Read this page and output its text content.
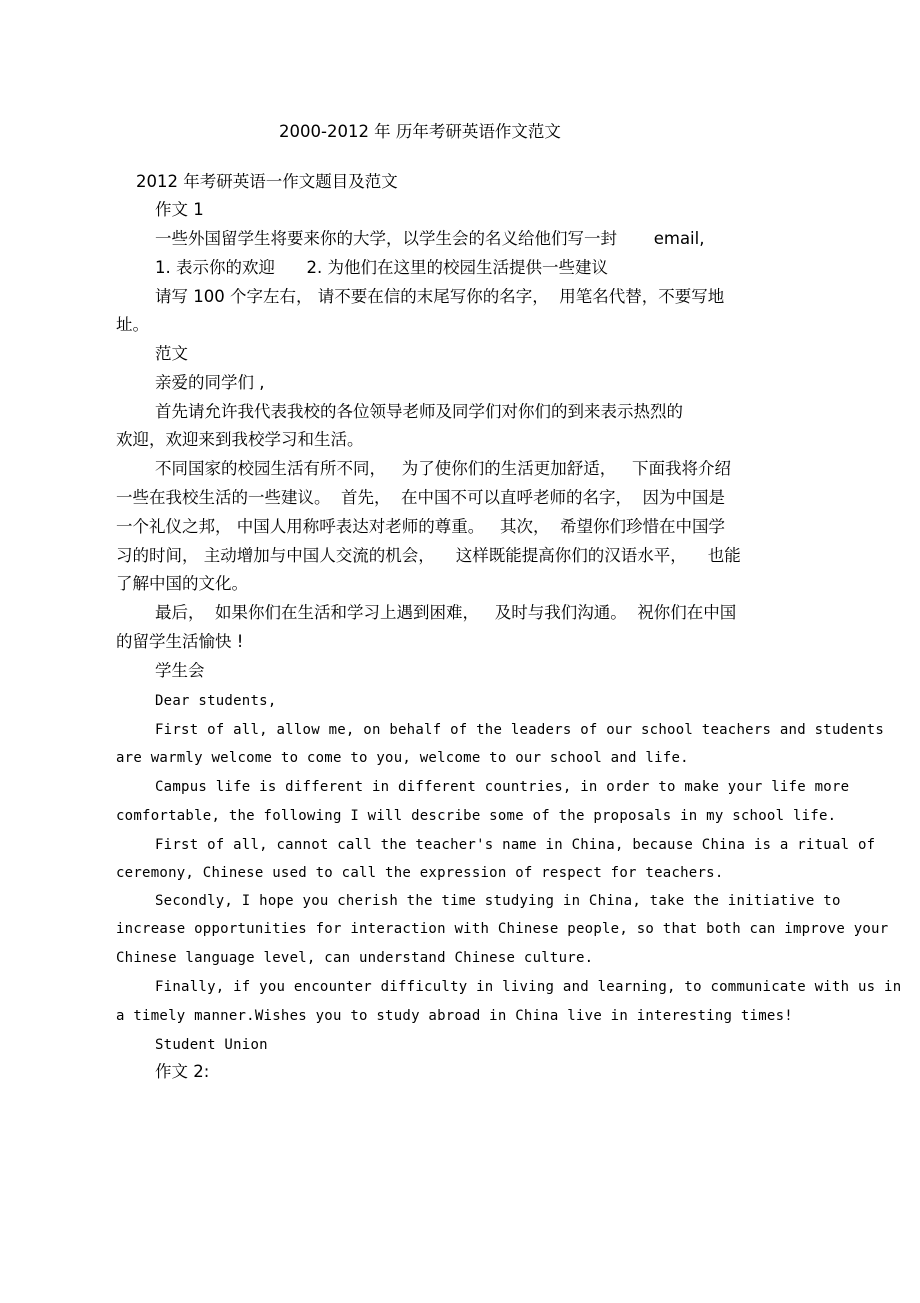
2000-2012 年 历年考研英语作文范文
2012 年考研英语一作文题目及范文
作文 1
一些外国留学生将要来你的大学，以学生会的名义给他们写一封       email,
1. 表示你的欢迎      2. 为他们在这里的校园生活提供一些建议
请写 100 个字左右， 请不要在信的末尾写你的名字，  用笔名代替，不要写地
址。
范文
亲爱的同学们 ,
首先请允许我代表我校的各位领导老师及同学们对你们的到来表示热烈的
欢迎，欢迎来到我校学习和生活。
不同国家的校园生活有所不同，   为了使你们的生活更加舒适，   下面我将介绍
一些在我校生活的一些建议。  首先，  在中国不可以直呼老师的名字，  因为中国是
一个礼仪之邦， 中国人用称呼表达对老师的尊重。   其次，  希望你们珍惜在中国学
习的时间， 主动增加与中国人交流的机会，    这样既能提高你们的汉语水平，    也能
了解中国的文化。
最后，  如果你们在生活和学习上遇到困难，   及时与我们沟通。  祝你们在中国
的留学生活愉快 !
学生会
Dear students,
First of all, allow me, on behalf of the leaders of our school teachers and students
are warmly welcome to come to you, welcome to our school and life.
Campus life is different in different countries, in order to make your life more
comfortable, the following I will describe some of the proposals in my school life.
First of all, cannot call the teacher's name in China, because China is a ritual of
ceremony, Chinese used to call the expression of respect for teachers.
Secondly, I hope you cherish the time studying in China, take the initiative to
increase opportunities for interaction with Chinese people, so that both can improve your
Chinese language level, can understand Chinese culture.
Finally, if you encounter difficulty in living and learning, to communicate with us in
a timely manner.Wishes you to study abroad in China live in interesting times!
Student Union
作文 2:
